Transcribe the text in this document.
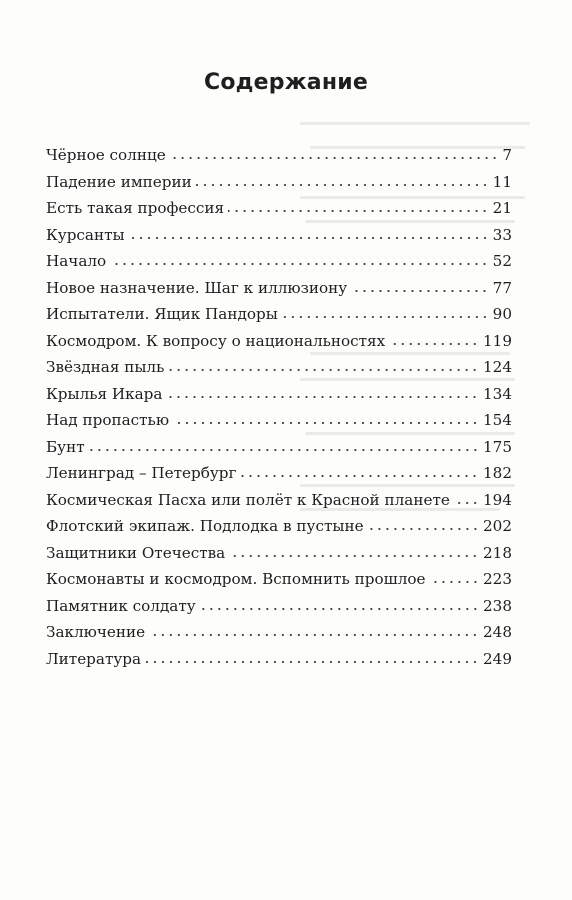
Содержание
Чёрное солнце	7
Падение империи	11
Есть такая профессия	21
Курсанты	33
Начало	52
Новое назначение. Шаг к иллюзиону	77
Испытатели. Ящик Пандоры	90
Космодром. К вопросу о национальностях	119
Звёздная пыль	124
Крылья Икара	134
Над пропастью	154
Бунт	175
Ленинград – Петербург	182
Космическая Пасха или полёт к Красной планете 194
Флотский экипаж. Подлодка в пустыне	202
Защитники Отечества	218
Космонавты и космодром. Вспомнить прошлое	223
Памятник солдату	238
Заключение	248
Литература	249
